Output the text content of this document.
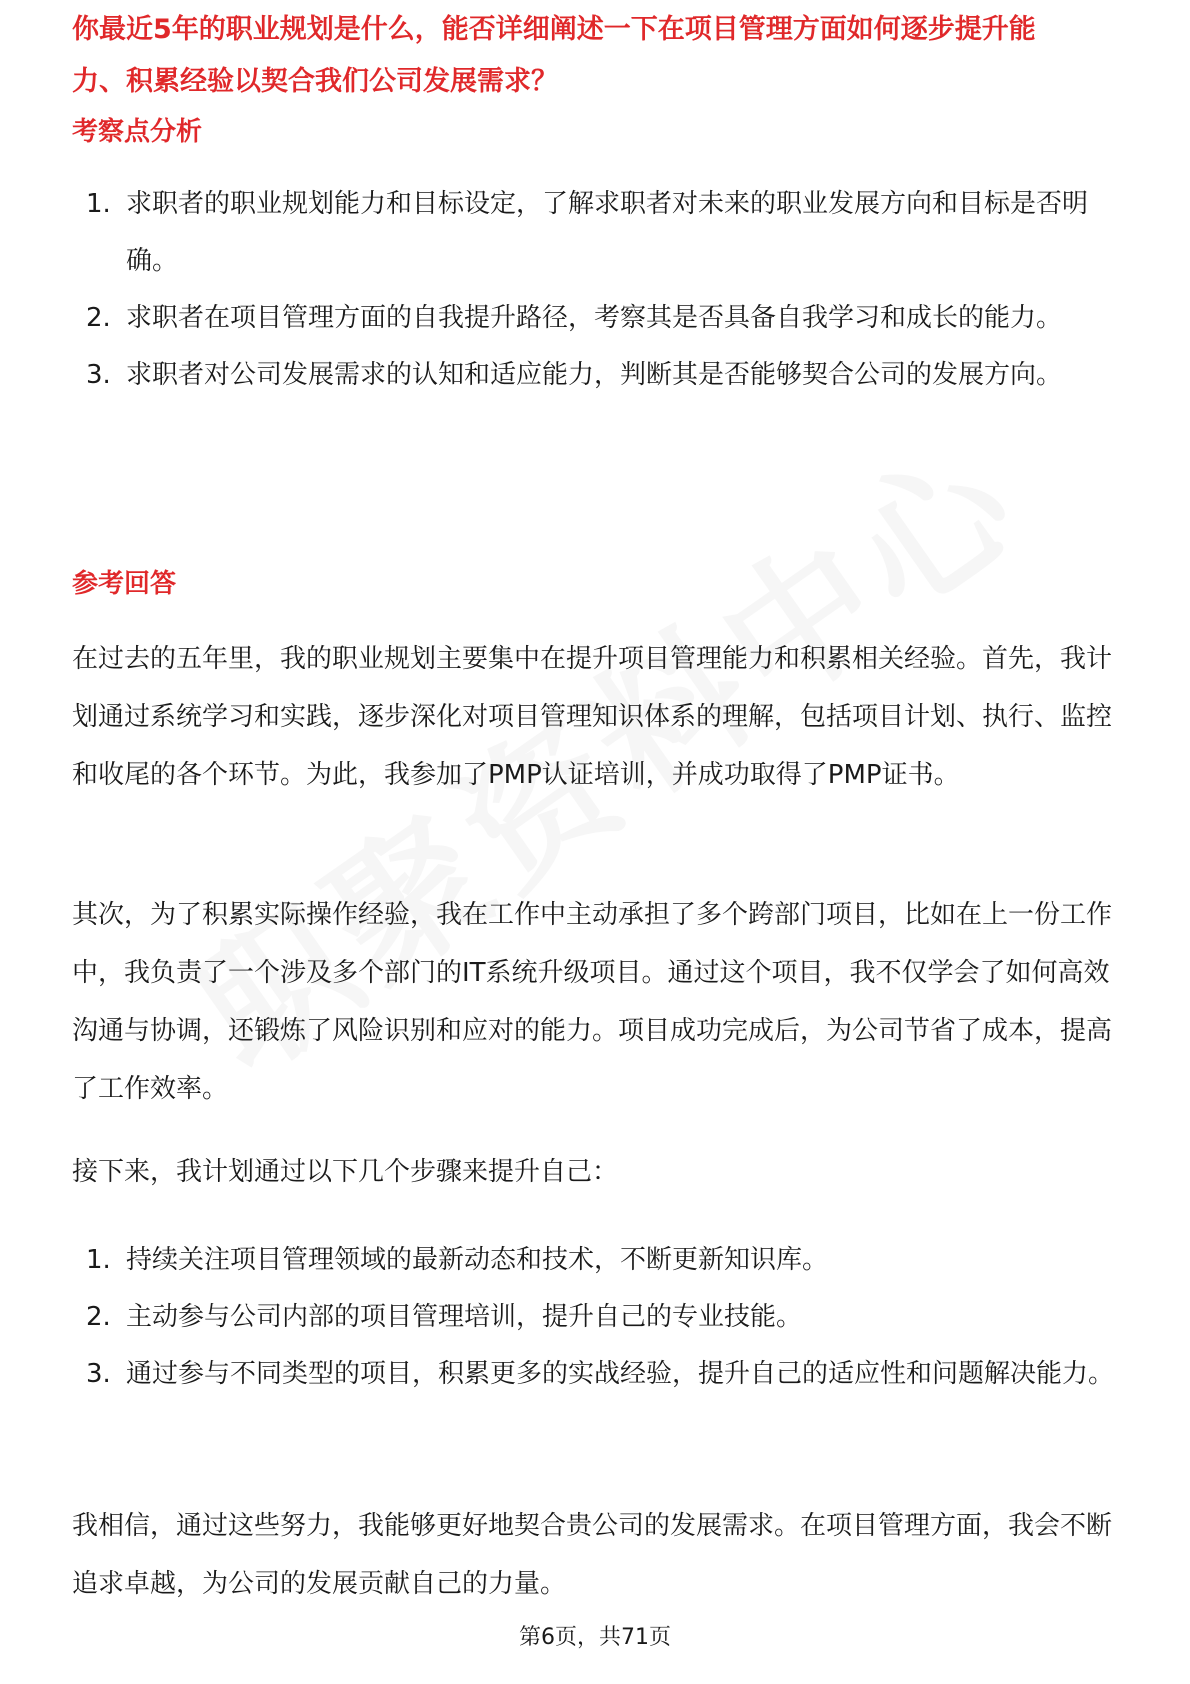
你最近5年的职业规划是什么，能否详细阐述一下在项目管理方面如何逐步提升能
力、积累经验以契合我们公司发展需求？
考察点分析
1. 求职者的职业规划能力和目标设定，了解求职者对未来的职业发展方向和目标是否明确。
2. 求职者在项目管理方面的自我提升路径，考察其是否具备自我学习和成长的能力。
3. 求职者对公司发展需求的认知和适应能力，判断其是否能够契合公司的发展方向。
参考回答

在过去的五年里，我的职业规划主要集中在提升项目管理能力和积累相关经验。首先，我计划通过系统学习和实践，逐步深化对项目管理知识体系的理解，包括项目计划、执行、监控和收尾的各个环节。为此，我参加了PMP认证培训，并成功取得了PMP证书。

其次，为了积累实际操作经验，我在工作中主动承担了多个跨部门项目，比如在上一份工作中，我负责了一个涉及多个部门的IT系统升级项目。通过这个项目，我不仅学会了如何高效沟通与协调，还锻炼了风险识别和应对的能力。项目成功完成后，为公司节省了成本，提高了工作效率。

接下来，我计划通过以下几个步骤来提升自己：

1. 持续关注项目管理领域的最新动态和技术，不断更新知识库。
2. 主动参与公司内部的项目管理培训，提升自己的专业技能。
3. 通过参与不同类型的项目，积累更多的实战经验，提升自己的适应性和问题解决能力。

我相信，通过这些努力，我能够更好地契合贵公司的发展需求。在项目管理方面，我会不断追求卓越，为公司的发展贡献自己的力量。

第6页，共71页
